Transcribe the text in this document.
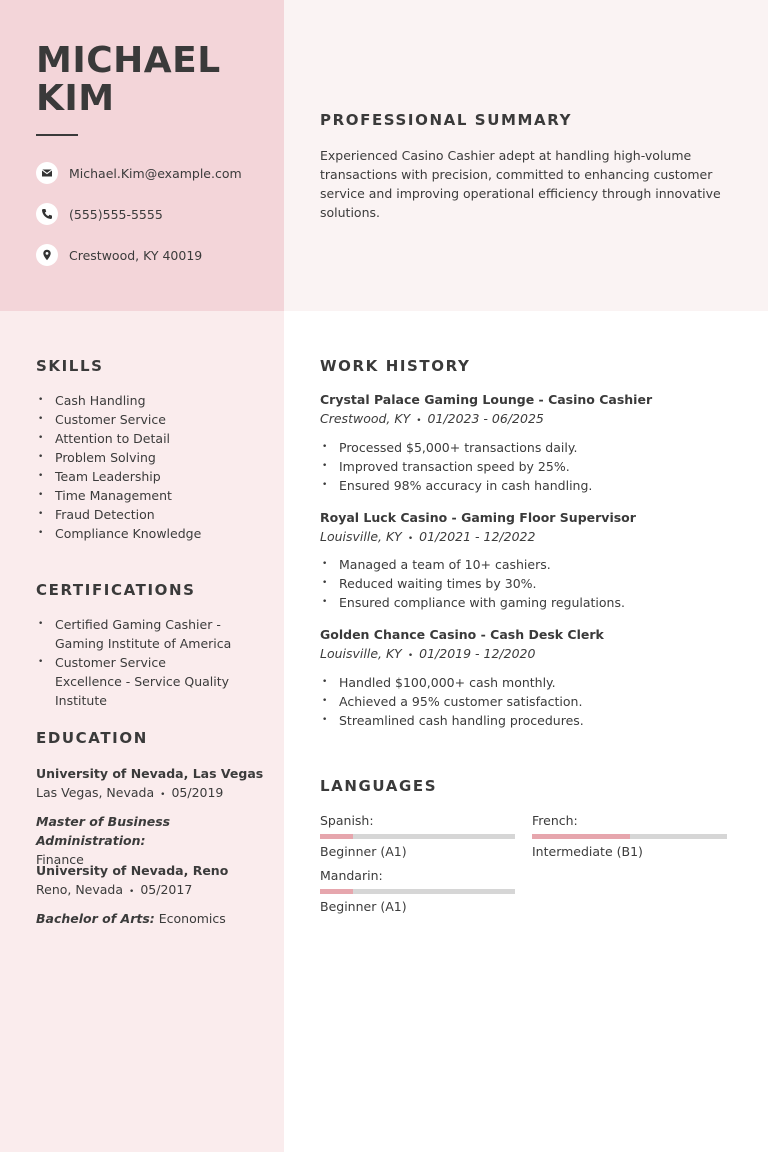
MICHAEL
KIM
Michael.Kim@example.com
(555)555-5555
Crestwood, KY 40019
PROFESSIONAL SUMMARY
Experienced Casino Cashier adept at handling high-volume transactions with precision, committed to enhancing customer service and improving operational efficiency through innovative solutions.
SKILLS
• Cash Handling
• Customer Service
• Attention to Detail
• Problem Solving
• Team Leadership
• Time Management
• Fraud Detection
• Compliance Knowledge
CERTIFICATIONS
• Certified Gaming Cashier - Gaming Institute of America
• Customer Service Excellence - Service Quality Institute
EDUCATION
University of Nevada, Las Vegas
Las Vegas, Nevada • 05/2019
Master of Business Administration:
Finance
University of Nevada, Reno
Reno, Nevada • 05/2017
Bachelor of Arts: Economics
WORK HISTORY
Crystal Palace Gaming Lounge - Casino Cashier
Crestwood, KY • 01/2023 - 06/2025
• Processed $5,000+ transactions daily.
• Improved transaction speed by 25%.
• Ensured 98% accuracy in cash handling.
Royal Luck Casino - Gaming Floor Supervisor
Louisville, KY • 01/2021 - 12/2022
• Managed a team of 10+ cashiers.
• Reduced waiting times by 30%.
• Ensured compliance with gaming regulations.
Golden Chance Casino - Cash Desk Clerk
Louisville, KY • 01/2019 - 12/2020
• Handled $100,000+ cash monthly.
• Achieved a 95% customer satisfaction.
• Streamlined cash handling procedures.
LANGUAGES
Spanish:
Beginner (A1)
French:
Intermediate (B1)
Mandarin:
Beginner (A1)
